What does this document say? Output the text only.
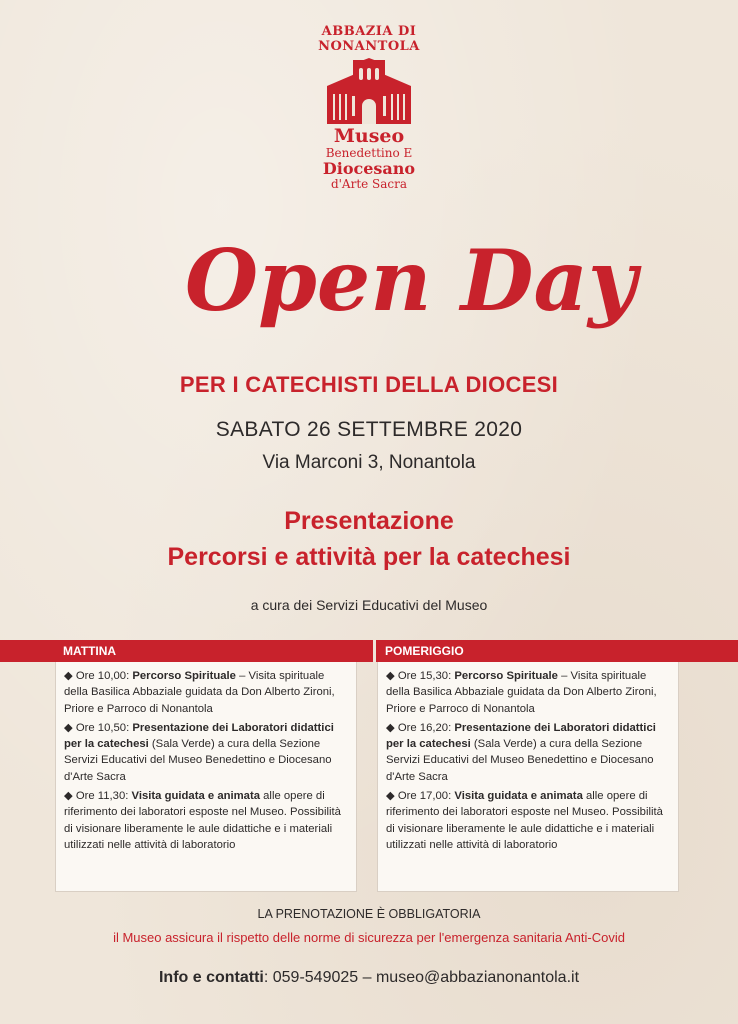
ABBAZIA DI
NONANTOLA
Museo
Benedettino E
Diocesano
d'Arte Sacra
Open Day
PER I CATECHISTI DELLA DIOCESI
SABATO 26 SETTEMBRE 2020
Via Marconi 3, Nonantola
Presentazione
Percorsi e attività per la catechesi
a cura dei Servizi Educativi del Museo
MATTINA	POMERIGGIO
◆ Ore 10,00: Percorso Spirituale – Visita spirituale della Basilica Abbaziale guidata da Don Alberto Zironi, Priore e Parroco di Nonantola
◆ Ore 10,50: Presentazione dei Laboratori didattici per la catechesi (Sala Verde) a cura della Sezione Servizi Educativi del Museo Benedettino e Diocesano d'Arte Sacra
◆ Ore 11,30: Visita guidata e animata alle opere di riferimento dei laboratori esposte nel Museo. Possibilità di visionare liberamente le aule didattiche e i materiali utilizzati nelle attività di laboratorio
◆ Ore 15,30: Percorso Spirituale – Visita spirituale della Basilica Abbaziale guidata da Don Alberto Zironi, Priore e Parroco di Nonantola
◆ Ore 16,20: Presentazione dei Laboratori didattici per la catechesi (Sala Verde) a cura della Sezione Servizi Educativi del Museo Benedettino e Diocesano d'Arte Sacra
◆ Ore 17,00: Visita guidata e animata alle opere di riferimento dei laboratori esposte nel Museo. Possibilità di visionare liberamente le aule didattiche e i materiali utilizzati nelle attività di laboratorio
LA PRENOTAZIONE È OBBLIGATORIA
il Museo assicura il rispetto delle norme di sicurezza per l'emergenza sanitaria Anti-Covid
Info e contatti: 059-549025 – museo@abbazianonantola.it
